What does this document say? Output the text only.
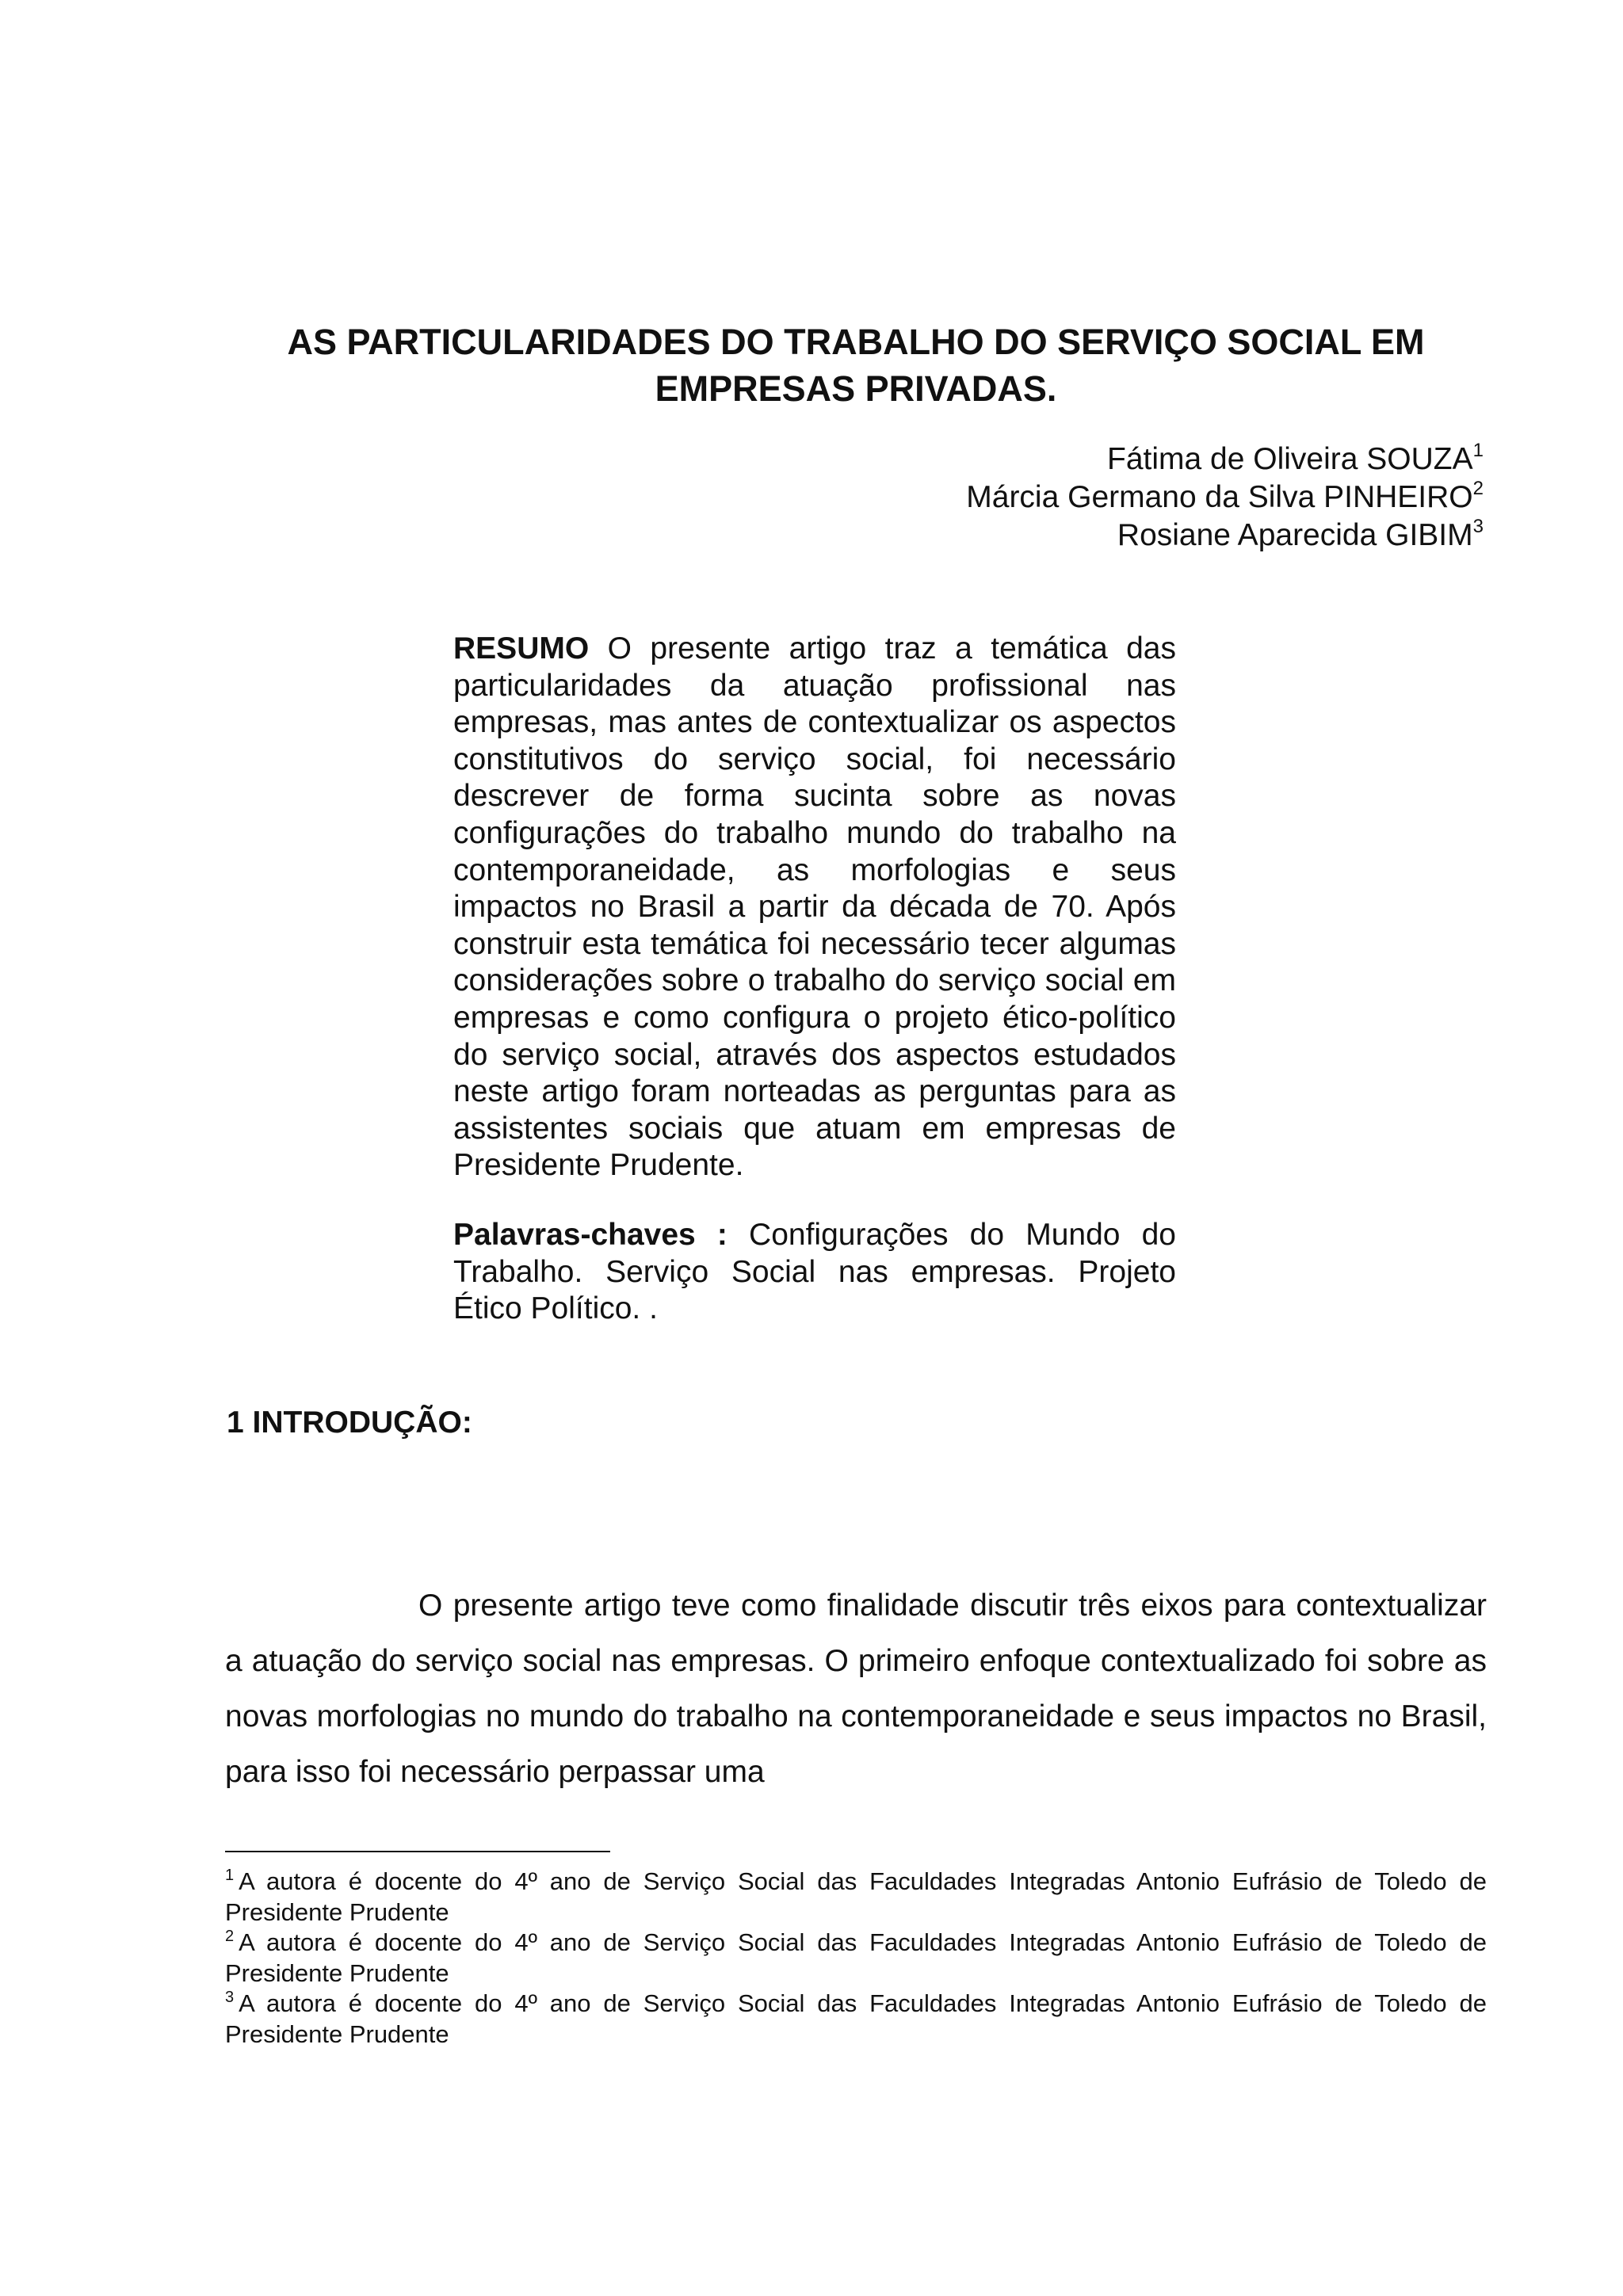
AS PARTICULARIDADES DO TRABALHO DO SERVIÇO SOCIAL EM
EMPRESAS PRIVADAS.
Fátima de Oliveira SOUZA$^1$
Márcia Germano da Silva PINHEIRO$^2$
Rosiane Aparecida GIBIM$^3$

RESUMO O presente artigo traz a temática das particularidades da atuação profissional nas empresas, mas antes de contextualizar os aspectos constitutivos do serviço social, foi necessário descrever de forma sucinta sobre as novas configurações do trabalho mundo do trabalho na contemporaneidade, as morfologias e seus impactos no Brasil a partir da década de 70. Após construir esta temática foi necessário tecer algumas considerações sobre o trabalho do serviço social em empresas e como configura o projeto ético-político do serviço social, através dos aspectos estudados neste artigo foram norteadas as perguntas para as assistentes sociais que atuam em empresas de Presidente Prudente.

Palavras-chaves : Configurações do Mundo do Trabalho. Serviço Social nas empresas. Projeto Ético Político. .

1 INTRODUÇÃO:

O presente artigo teve como finalidade discutir três eixos para contextualizar a atuação do serviço social nas empresas. O primeiro enfoque contextualizado foi sobre as novas morfologias no mundo do trabalho na contemporaneidade e seus impactos no Brasil, para isso foi necessário perpassar uma

$^1$ A autora é docente do 4º ano de Serviço Social das Faculdades Integradas Antonio Eufrásio de Toledo de Presidente Prudente

$^2$ A autora é docente do 4º ano de Serviço Social das Faculdades Integradas Antonio Eufrásio de Toledo de Presidente Prudente

$^3$ A autora é docente do 4º ano de Serviço Social das Faculdades Integradas Antonio Eufrásio de Toledo de Presidente Prudente
